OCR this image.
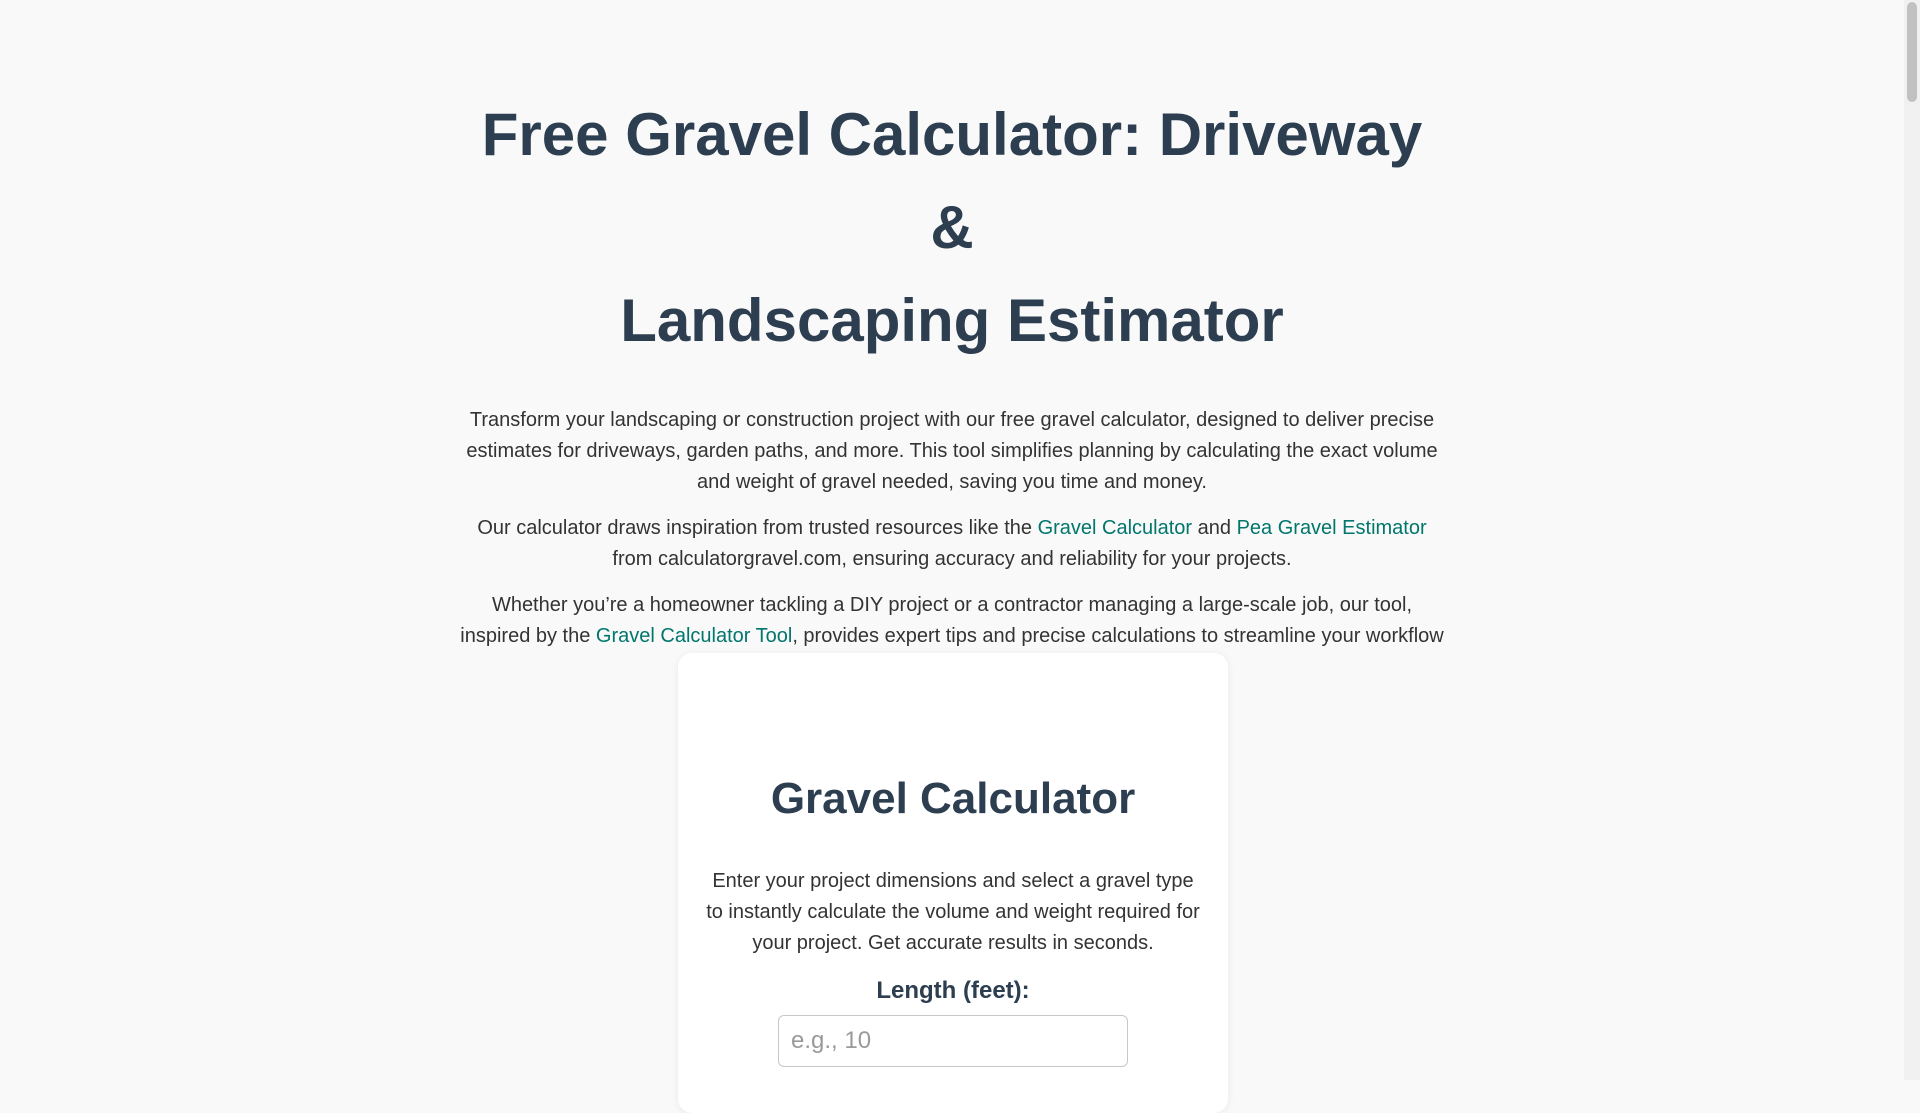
Free Gravel Calculator: Driveway &
Landscaping Estimator

Transform your landscaping or construction project with our free gravel calculator, designed to deliver precise estimates for driveways, garden paths, and more. This tool simplifies planning by calculating the exact volume and weight of gravel needed, saving you time and money.

Our calculator draws inspiration from trusted resources like the Gravel Calculator and Pea Gravel Estimator from calculatorgravel.com, ensuring accuracy and reliability for your projects.

Whether you’re a homeowner tackling a DIY project or a contractor managing a large-scale job, our tool, inspired by the Gravel Calculator Tool, provides expert tips and precise calculations to streamline your workflow

Gravel Calculator

Enter your project dimensions and select a gravel type to instantly calculate the volume and weight required for your project. Get accurate results in seconds.

Length (feet):
e.g., 10
